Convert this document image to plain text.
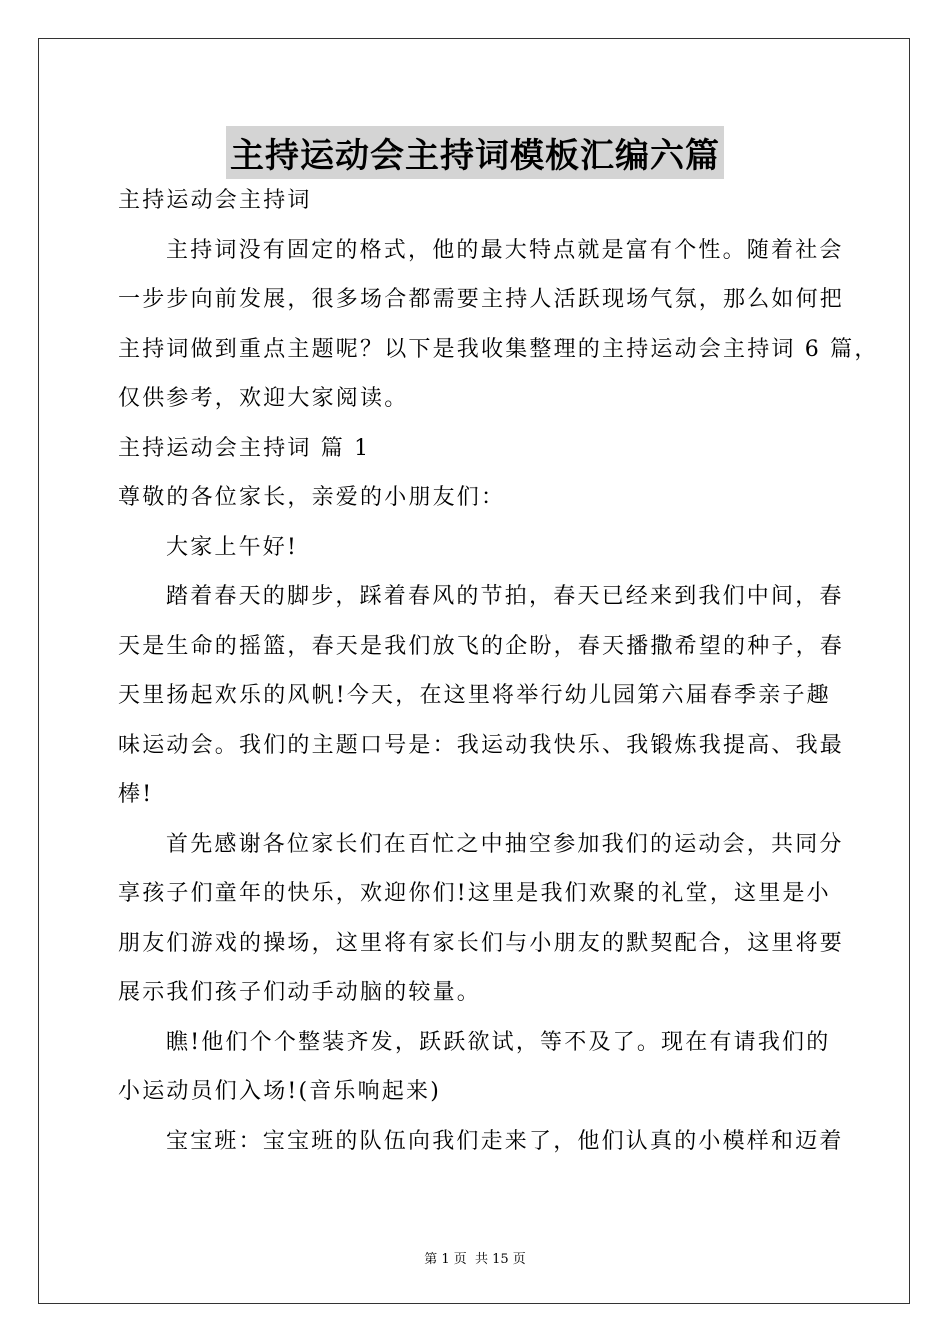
主持运动会主持词模板汇编六篇
主持运动会主持词
主持词没有固定的格式，他的最大特点就是富有个性。随着社会
一步步向前发展，很多场合都需要主持人活跃现场气氛，那么如何把
主持词做到重点主题呢？以下是我收集整理的主持运动会主持词 6 篇，
仅供参考，欢迎大家阅读。
主持运动会主持词 篇 1
尊敬的各位家长，亲爱的小朋友们：
大家上午好!
踏着春天的脚步，踩着春风的节拍，春天已经来到我们中间，春
天是生命的摇篮，春天是我们放飞的企盼，春天播撒希望的种子，春
天里扬起欢乐的风帆!今天，在这里将举行幼儿园第六届春季亲子趣
味运动会。我们的主题口号是：我运动我快乐、我锻炼我提高、我最
棒!
首先感谢各位家长们在百忙之中抽空参加我们的运动会，共同分
享孩子们童年的快乐，欢迎你们!这里是我们欢聚的礼堂，这里是小
朋友们游戏的操场，这里将有家长们与小朋友的默契配合，这里将要
展示我们孩子们动手动脑的较量。
瞧!他们个个整装齐发，跃跃欲试，等不及了。现在有请我们的
小运动员们入场!(音乐响起来)
宝宝班：宝宝班的队伍向我们走来了，他们认真的小模样和迈着
第 1 页 共 15 页
